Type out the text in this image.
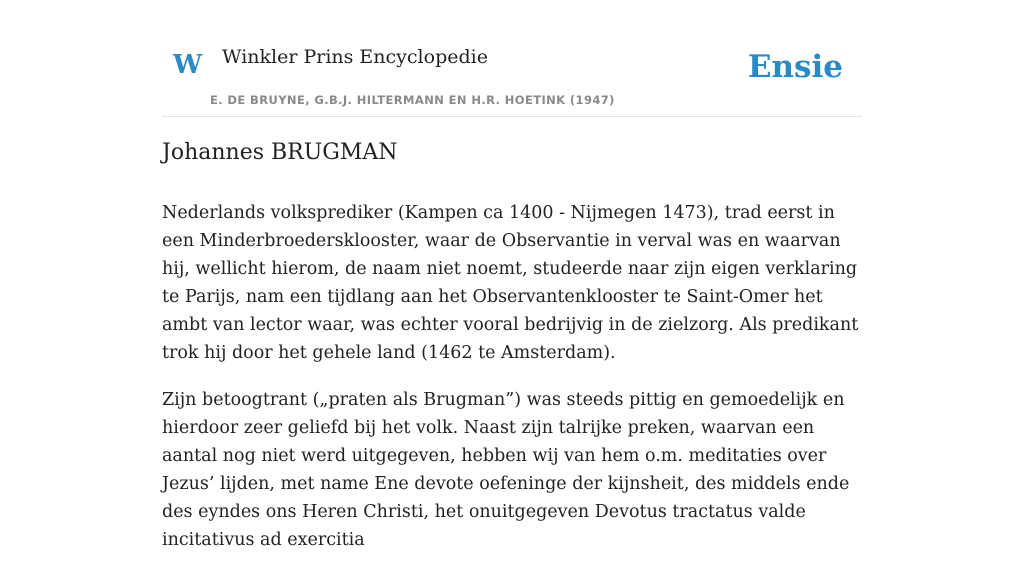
W Winkler Prins Encyclopedie
E. DE BRUYNE, G.B.J. HILTERMANN EN H.R. HOETINK (1947)
Ensie
Johannes BRUGMAN

Nederlands volksprediker (Kampen ca 1400 - Nijmegen 1473), trad eerst in een Minderbroedersklooster, waar de Observantie in verval was en waarvan hij, wellicht hierom, de naam niet noemt, studeerde naar zijn eigen verklaring te Parijs, nam een tijdlang aan het Observantenklooster te Saint-Omer het ambt van lector waar, was echter vooral bedrijvig in de zielzorg. Als predikant trok hij door het gehele land (1462 te Amsterdam).

Zijn betoogtrant („praten als Brugman”) was steeds pittig en gemoedelijk en hierdoor zeer geliefd bij het volk. Naast zijn talrijke preken, waarvan een aantal nog niet werd uitgegeven, hebben wij van hem o.m. meditaties over Jezus’ lijden, met name Ene devote oefeninge der kijnsheit, des middels ende des eyndes ons Heren Christi, het onuitgegeven Devotus tractatus valde incitativus ad exercitia
